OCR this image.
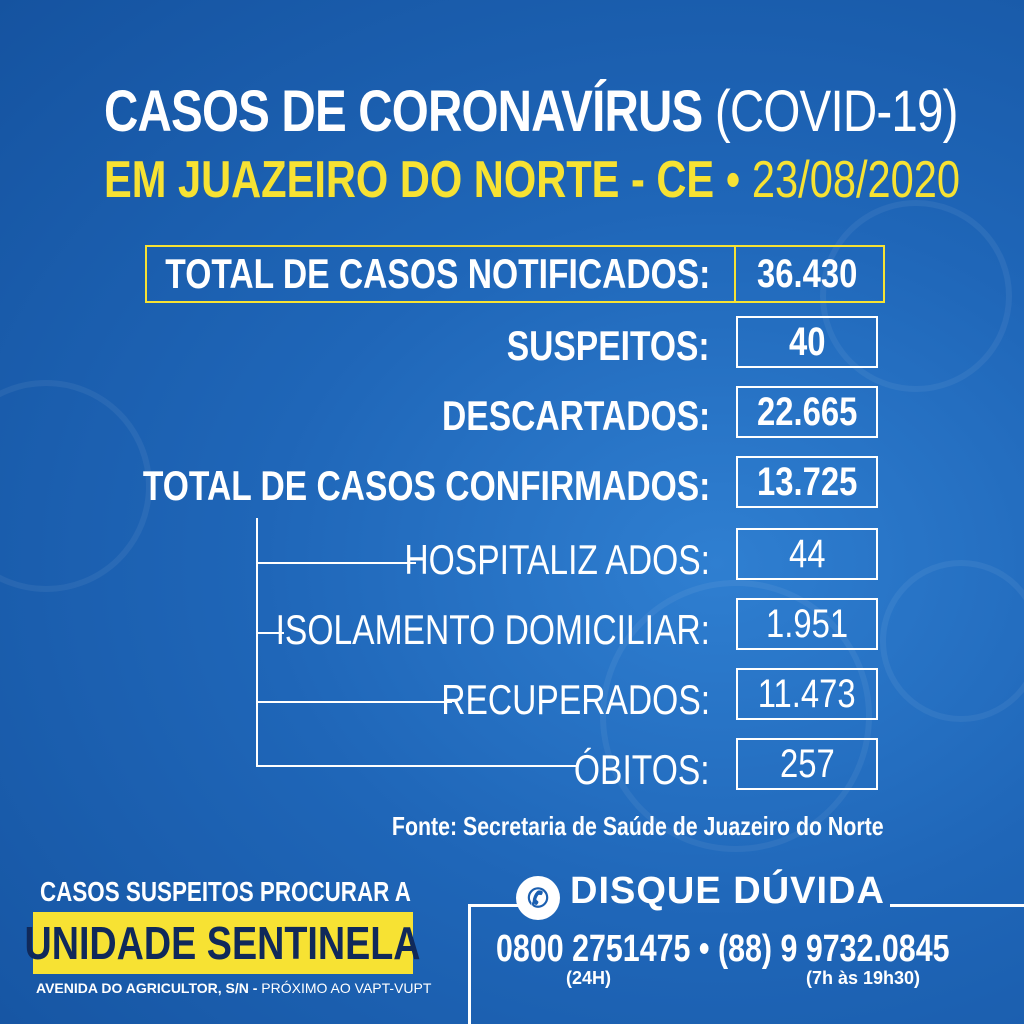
CASOS DE CORONAVÍRUS (COVID-19)
EM JUAZEIRO DO NORTE - CE • 23/08/2020
TOTAL DE CASOS NOTIFICADOS: 36.430
SUSPEITOS: 40
DESCARTADOS: 22.665
TOTAL DE CASOS CONFIRMADOS: 13.725
HOSPITALIZ ADOS: 44
ISOLAMENTO DOMICILIAR: 1.951
RECUPERADOS: 11.473
ÓBITOS: 257
Fonte: Secretaria de Saúde de Juazeiro do Norte
CASOS SUSPEITOS PROCURAR A
UNIDADE SENTINELA
AVENIDA DO AGRICULTOR, S/N - PRÓXIMO AO VAPT-VUPT
✆ DISQUE DÚVIDA
0800 2751475 • (88) 9 9732.0845
(24H)	(7h às 19h30)
